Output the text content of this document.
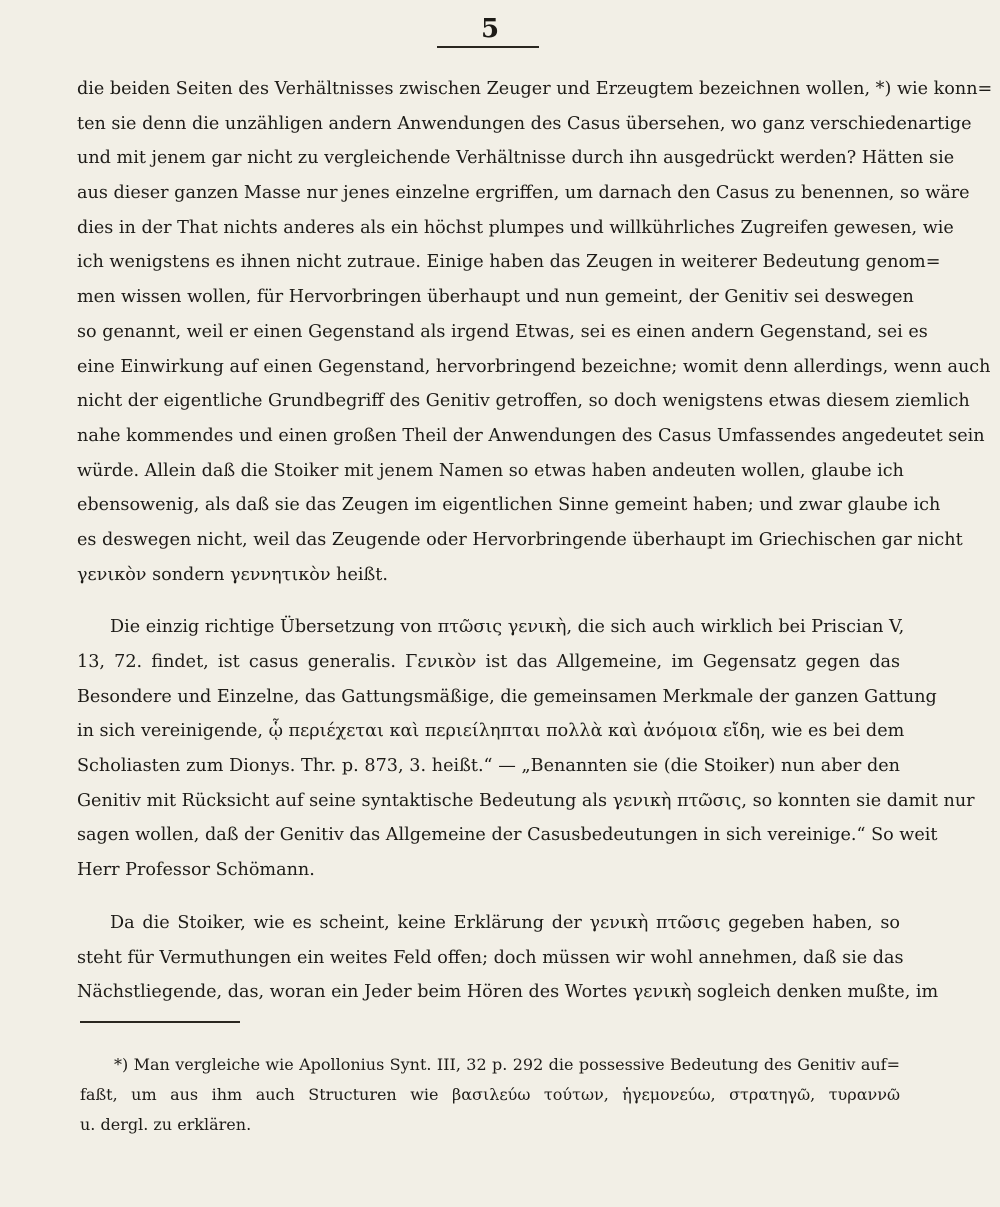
5
die beiden Seiten des Verhältnisses zwischen Zeuger und Erzeugtem bezeichnen wollen, *) wie konn=
ten sie denn die unzähligen andern Anwendungen des Casus übersehen, wo ganz verschiedenartige
und mit jenem gar nicht zu vergleichende Verhältnisse durch ihn ausgedrückt werden? Hätten sie
aus dieser ganzen Masse nur jenes einzelne ergriffen, um darnach den Casus zu benennen, so wäre
dies in der That nichts anderes als ein höchst plumpes und willkührliches Zugreifen gewesen, wie
ich wenigstens es ihnen nicht zutraue. Einige haben das Zeugen in weiterer Bedeutung genom=
men wissen wollen, für Hervorbringen überhaupt und nun gemeint, der Genitiv sei deswegen
so genannt, weil er einen Gegenstand als irgend Etwas, sei es einen andern Gegenstand, sei es
eine Einwirkung auf einen Gegenstand, hervorbringend bezeichne; womit denn allerdings, wenn auch
nicht der eigentliche Grundbegriff des Genitiv getroffen, so doch wenigstens etwas diesem ziemlich
nahe kommendes und einen großen Theil der Anwendungen des Casus Umfassendes angedeutet sein
würde. Allein daß die Stoiker mit jenem Namen so etwas haben andeuten wollen, glaube ich
ebensowenig, als daß sie das Zeugen im eigentlichen Sinne gemeint haben; und zwar glaube ich
es deswegen nicht, weil das Zeugende oder Hervorbringende überhaupt im Griechischen gar nicht
γενικὸν sondern γεννητικὸν heißt.
Die einzig richtige Übersetzung von πτῶσις γενικὴ, die sich auch wirklich bei Priscian V,
13, 72. findet, ist casus generalis. Γενικὸν ist das Allgemeine, im Gegensatz gegen das
Besondere und Einzelne, das Gattungsmäßige, die gemeinsamen Merkmale der ganzen Gattung
in sich vereinigende, ᾧ περιέχεται καὶ περιείληπται πολλὰ καὶ ἀνόμοια εἴδη, wie es bei dem
Scholiasten zum Dionys. Thr. p. 873, 3. heißt.“ — „Benannten sie (die Stoiker) nun aber den
Genitiv mit Rücksicht auf seine syntaktische Bedeutung als γενικὴ πτῶσις, so konnten sie damit nur
sagen wollen, daß der Genitiv das Allgemeine der Casusbedeutungen in sich vereinige.“ So weit
Herr Professor Schömann.
Da die Stoiker, wie es scheint, keine Erklärung der γενικὴ πτῶσις gegeben haben, so
steht für Vermuthungen ein weites Feld offen; doch müssen wir wohl annehmen, daß sie das
Nächstliegende, das, woran ein Jeder beim Hören des Wortes γενικὴ sogleich denken mußte, im
*) Man vergleiche wie Apollonius Synt. III, 32 p. 292 die possessive Bedeutung des Genitiv auf=
faßt, um aus ihm auch Structuren wie βασιλεύω τούτων, ἡγεμονεύω, στρατηγῶ, τυραννῶ
u. dergl. zu erklären.
